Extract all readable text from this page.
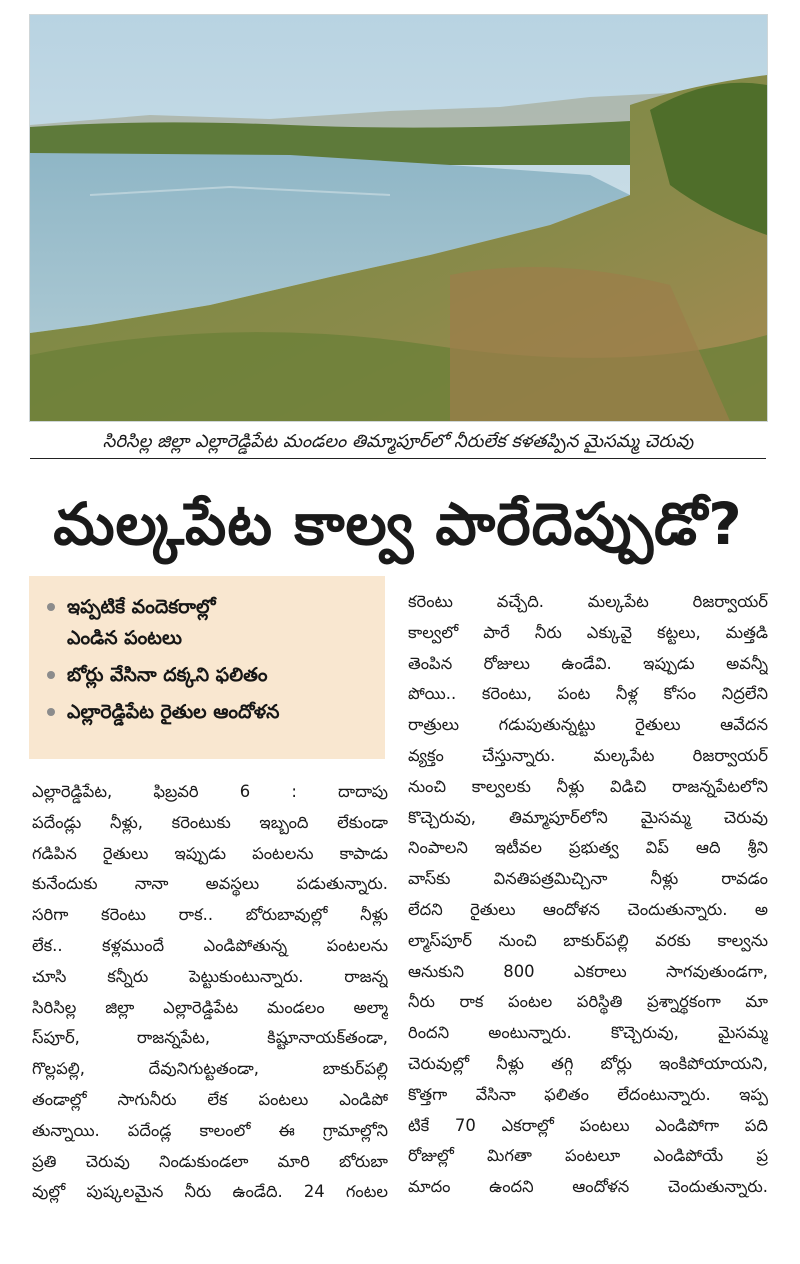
సిరిసిల్ల జిల్లా ఎల్లారెడ్డిపేట మండలం తిమ్మాపూర్‌లో నీరులేక కళతప్పిన మైసమ్మ చెరువు
మల్కపేట కాల్వ పారేదెప్పుడో?
ఇప్పటికే వందెకరాల్లో
ఎండిన పంటలు
బోర్లు వేసినా దక్కని ఫలితం
ఎల్లారెడ్డిపేట రైతుల ఆందోళన
ఎల్లారెడ్డిపేట, ఫిబ్రవరి 6 : దాదాపు
పదేండ్లు నీళ్లు, కరెంటుకు ఇబ్బంది లేకుండా
గడిపిన రైతులు ఇప్పుడు పంటలను కాపాడు
కునేందుకు నానా అవస్థలు పడుతున్నారు.
సరిగా కరెంటు రాక.. బోరుబావుల్లో నీళ్లు
లేక.. కళ్లముందే ఎండిపోతున్న పంటలను
చూసి కన్నీరు పెట్టుకుంటున్నారు. రాజన్న
సిరిసిల్ల జిల్లా ఎల్లారెడ్డిపేట మండలం అల్మా
స్‌పూర్, రాజన్నపేట, కిష్టూనాయక్‌తండా,
గొల్లపల్లి, దేవునిగుట్టతండా, బాకుర్‌పల్లి
తండాల్లో సాగునీరు లేక పంటలు ఎండిపో
తున్నాయి. పదేండ్ల కాలంలో ఈ గ్రామాల్లోని
ప్రతి చెరువు నిండుకుండలా మారి బోరుబా
వుల్లో పుష్కలమైన నీరు ఉండేది. 24 గంటల
కరెంటు వచ్చేది. మల్కపేట రిజర్వాయర్
కాల్వలో పారే నీరు ఎక్కువై కట్టలు, మత్తడి
తెంపిన రోజులు ఉండేవి. ఇప్పుడు అవన్నీ
పోయి.. కరెంటు, పంట నీళ్ల కోసం నిద్రలేని
రాత్రులు గడుపుతున్నట్టు రైతులు ఆవేదన
వ్యక్తం చేస్తున్నారు. మల్కపేట రిజర్వాయర్
నుంచి కాల్వలకు నీళ్లు విడిచి రాజన్నపేటలోని
కొచ్చెరువు, తిమ్మాపూర్‌లోని మైసమ్మ చెరువు
నింపాలని ఇటీవల ప్రభుత్వ విప్ ఆది శ్రీని
వాస్‌కు వినతిపత్రమిచ్చినా నీళ్లు రావడం
లేదని రైతులు ఆందోళన చెందుతున్నారు. అ
ల్మాస్‌పూర్ నుంచి బాకుర్‌పల్లి వరకు కాల్వను
ఆనుకుని 800 ఎకరాలు సాగవుతుండగా,
నీరు రాక పంటల పరిస్థితి ప్రశ్నార్థకంగా మా
రిందని అంటున్నారు. కొచ్చెరువు, మైసమ్మ
చెరువుల్లో నీళ్లు తగ్గి బోర్లు ఇంకిపోయాయని,
కొత్తగా వేసినా ఫలితం లేదంటున్నారు. ఇప్ప
టికే 70 ఎకరాల్లో పంటలు ఎండిపోగా పది
రోజుల్లో మిగతా పంటలూ ఎండిపోయే ప్ర
మాదం ఉందని ఆందోళన చెందుతున్నారు.
